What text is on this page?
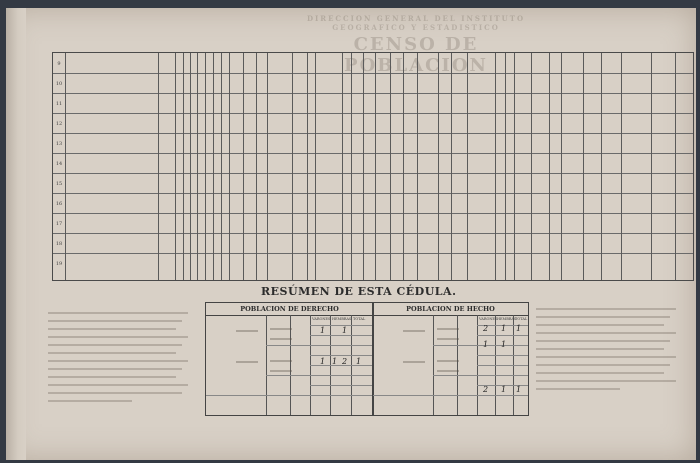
DIRECCION GENERAL DEL INSTITUTO GEOGRAFICO Y ESTADISTICO
CENSO DE POBLACION
9
10
11
12
13
14
15
16
17
18
19
RESÚMEN DE ESTA CÉDULA.
POBLACION DE DERECHO
VARONES HEMBRAS TOTAL
1 1
1 1 2 1
POBLACION DE HECHO
VARONES HEMBRAS
TOTAL
2 1
1 1
2 1 1
1
